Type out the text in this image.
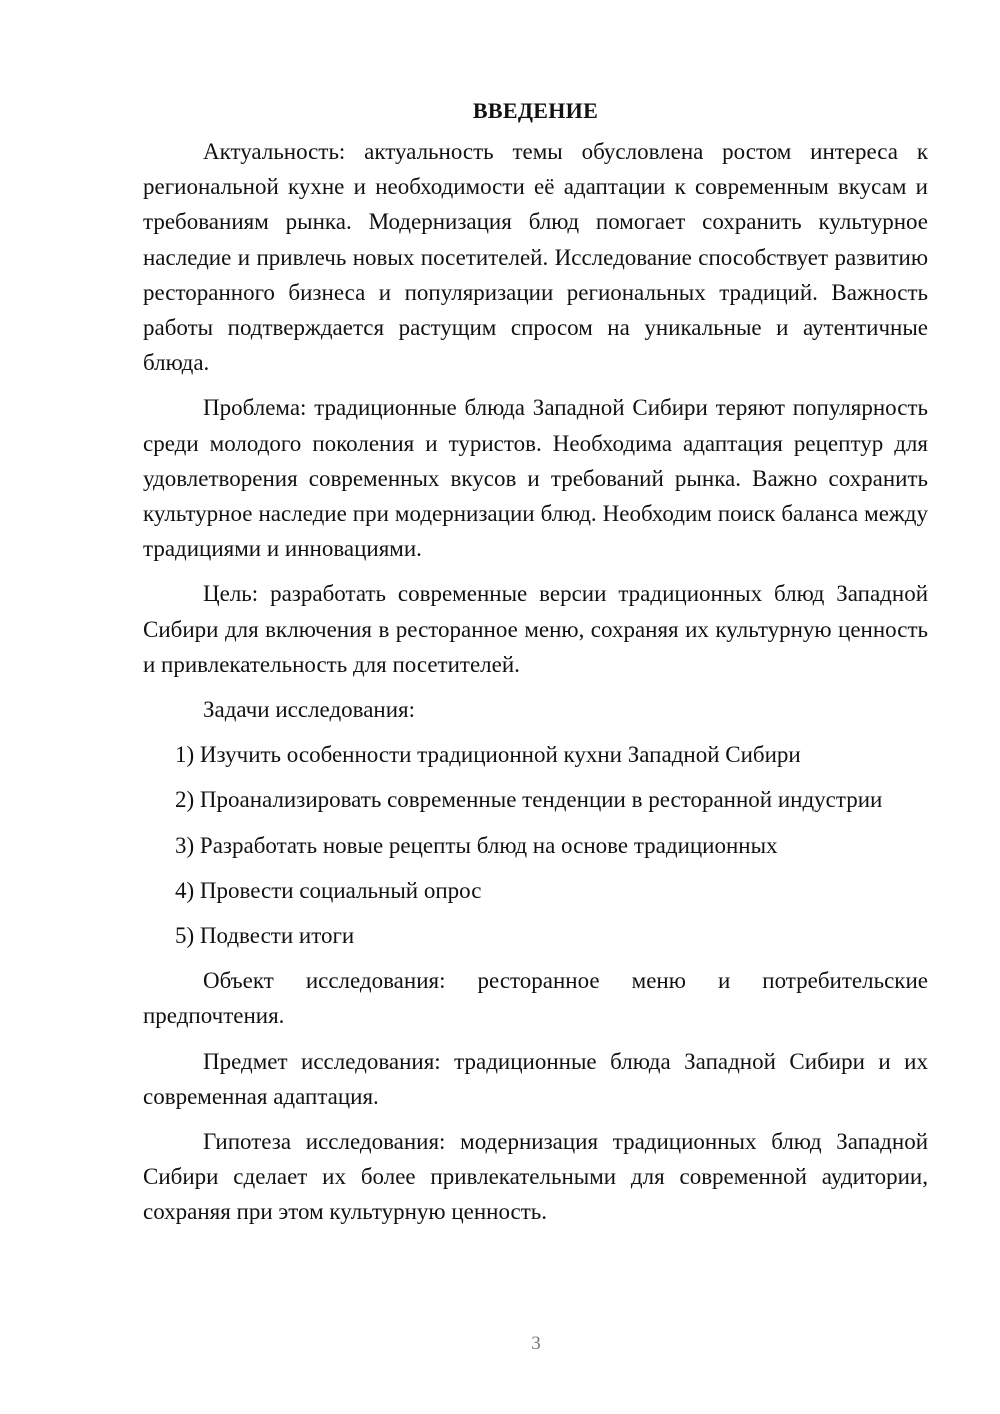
ВВЕДЕНИЕ

Актуальность: актуальность темы обусловлена ростом интереса к региональной кухне и необходимости её адаптации к современным вкусам и требованиям рынка. Модернизация блюд помогает сохранить культурное наследие и привлечь новых посетителей. Исследование способствует развитию ресторанного бизнеса и популяризации региональных традиций. Важность работы подтверждается растущим спросом на уникальные и аутентичные блюда.

Проблема: традиционные блюда Западной Сибири теряют популярность среди молодого поколения и туристов. Необходима адаптация рецептур для удовлетворения современных вкусов и требований рынка. Важно сохранить культурное наследие при модернизации блюд. Необходим поиск баланса между традициями и инновациями.

Цель: разработать современные версии традиционных блюд Западной Сибири для включения в ресторанное меню, сохраняя их культурную ценность и привлекательность для посетителей.

Задачи исследования:

1) Изучить особенности традиционной кухни Западной Сибири

2) Проанализировать современные тенденции в ресторанной индустрии

3) Разработать новые рецепты блюд на основе традиционных

4) Провести социальный опрос

5) Подвести итоги

Объект исследования: ресторанное меню и потребительские предпочтения.

Предмет исследования: традиционные блюда Западной Сибири и их современная адаптация.

Гипотеза исследования: модернизация традиционных блюд Западной Сибири сделает их более привлекательными для современной аудитории, сохраняя при этом культурную ценность.

3
